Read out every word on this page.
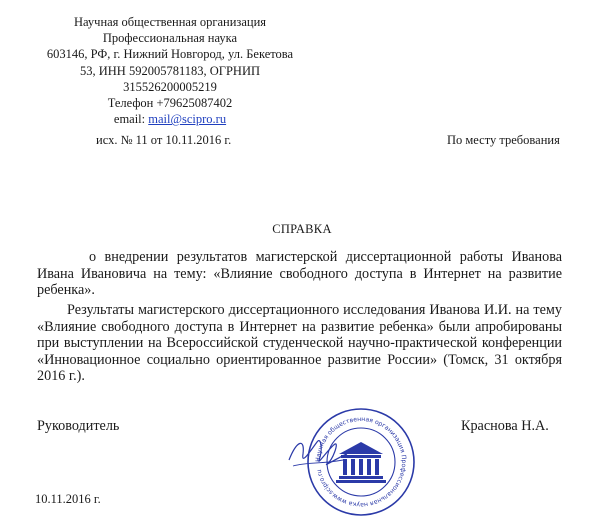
Научная общественная организация
Профессиональная наука
603146, РФ, г. Нижний Новгород, ул. Бекетова
53, ИНН 5920057811​83, ОГРНИП
315526200005219
Телефон +79625087402
email: mail@scipro.ru
исх. № 11 от 10.11.2016 г.	По месту требования
СПРАВКА
о внедрении результатов магистерской диссертационной работы Иванова Ивана Ивановича на тему: «Влияние свободного доступа в Интернет на развитие ребенка».
Результаты магистерского диссертационного исследования Иванова И.И. на тему «Влияние свободного доступа в Интернет на развитие ребенка» были апробированы при выступлении на Всероссийской студенческой научно-практической конференции «Инновационное социально ориентированное развитие России» (Томск, 31 октября 2016 г.).
Руководитель	Краснова Н.А.
Научная общественная организация Профессиональная наука www.scipro.ru
10.11.2016 г.
